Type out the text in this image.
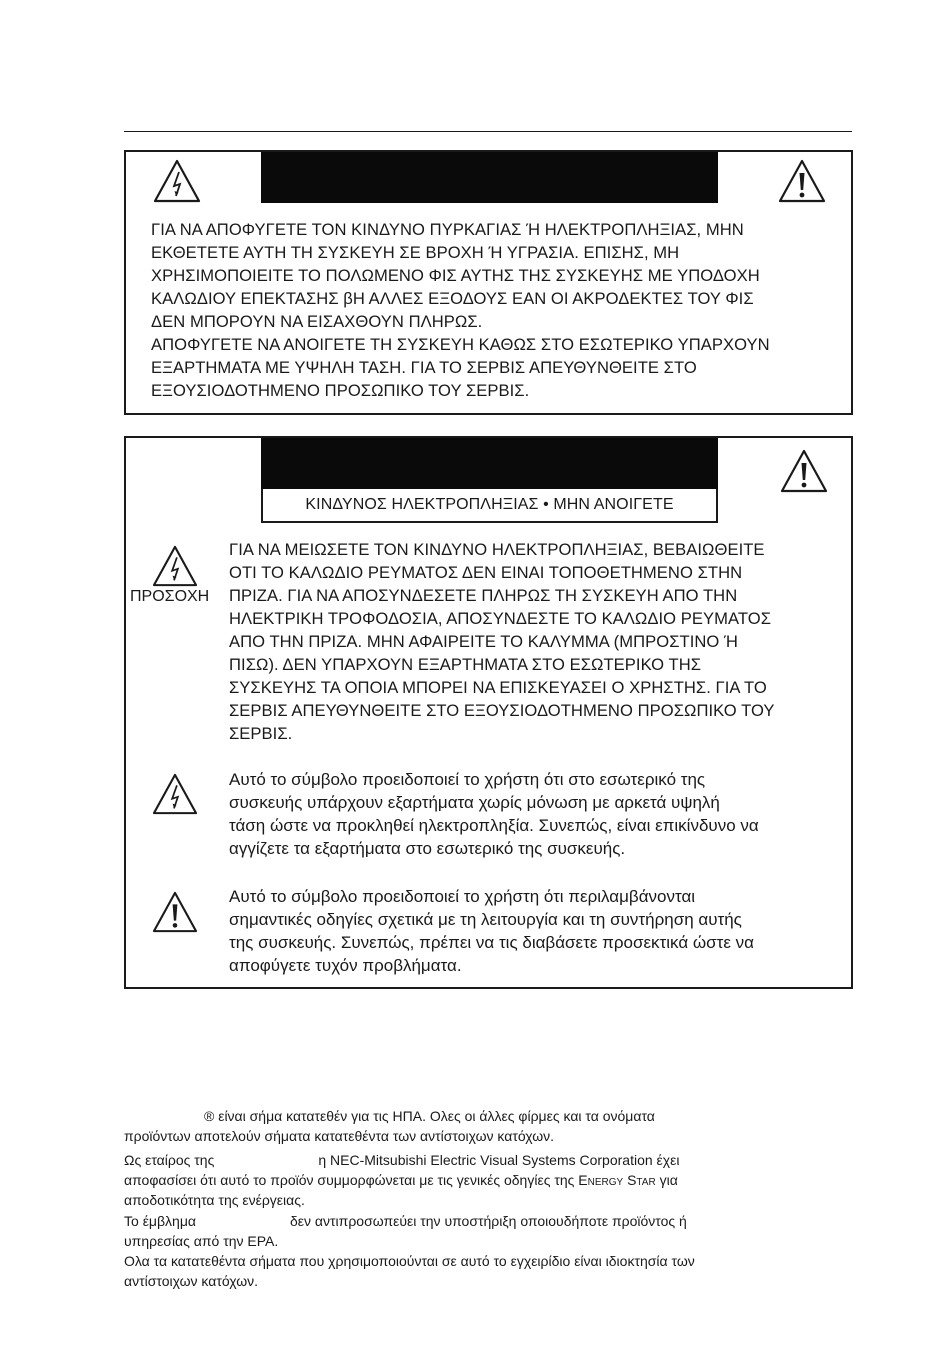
ΓΙΑ ΝΑ ΑΠΟΦΥΓΕΤΕ ΤΟΝ ΚΙΝΔΥΝΟ ΠΥΡΚΑΓΙΑΣ Ή ΗΛΕΚΤΡΟΠΛΗΞΙΑΣ, ΜΗΝ
ΕΚΘΕΤΕΤΕ ΑΥΤΗ ΤΗ ΣΥΣΚΕΥΗ ΣΕ ΒΡΟΧΗ Ή ΥΓΡΑΣΙΑ. ΕΠΙΣΗΣ, ΜΗ
ΧΡΗΣΙΜΟΠΟΙΕΙΤΕ ΤΟ ΠΟΛΩΜΕΝΟ ΦΙΣ ΑΥΤΗΣ ΤΗΣ ΣΥΣΚΕΥΗΣ ΜΕ ΥΠΟΔΟΧΗ
ΚΑΛΩΔΙΟΥ ΕΠΕΚΤΑΣΗΣ βΗ ΑΛΛΕΣ ΕΞΟΔΟΥΣ ΕΑΝ ΟΙ ΑΚΡΟΔΕΚΤΕΣ ΤΟΥ ΦΙΣ
ΔΕΝ ΜΠΟΡΟΥΝ ΝΑ ΕΙΣΑΧΘΟΥΝ ΠΛΗΡΩΣ.

ΑΠΟΦΥΓΕΤΕ ΝΑ ΑΝΟΙΓΕΤΕ ΤΗ ΣΥΣΚΕΥΗ ΚΑΘΩΣ ΣΤΟ ΕΣΩΤΕΡΙΚΟ ΥΠΑΡΧΟΥΝ
ΕΞΑΡΤΗΜΑΤΑ ΜΕ ΥΨΗΛΗ ΤΑΣΗ. ΓΙΑ ΤΟ ΣΕΡΒΙΣ ΑΠΕΥΘΥΝΘΕΙΤΕ ΣΤΟ
ΕΞΟΥΣΙΟΔΟΤΗΜΕΝΟ ΠΡΟΣΩΠΙΚΟ ΤΟΥ ΣΕΡΒΙΣ.

ΚΙΝΔΥΝΟΣ ΗΛΕΚΤΡΟΠΛΗΞΙΑΣ • ΜΗΝ ΑΝΟΙΓΕΤΕ
ΠΡΟΣΟΧΗ

ΓΙΑ ΝΑ ΜΕΙΩΣΕΤΕ ΤΟΝ ΚΙΝΔΥΝΟ ΗΛΕΚΤΡΟΠΛΗΞΙΑΣ, ΒΕΒΑΙΩΘΕΙΤΕ
ΟΤΙ ΤΟ ΚΑΛΩΔΙΟ ΡΕΥΜΑΤΟΣ ΔΕΝ ΕΙΝΑΙ ΤΟΠΟΘΕΤΗΜΕΝΟ ΣΤΗΝ
ΠΡΙΖΑ. ΓΙΑ ΝΑ ΑΠΟΣΥΝΔΕΣΕΤΕ ΠΛΗΡΩΣ ΤΗ ΣΥΣΚΕΥΗ ΑΠΟ ΤΗΝ
ΗΛΕΚΤΡΙΚΗ ΤΡΟΦΟΔΟΣΙΑ, ΑΠΟΣΥΝΔΕΣΤΕ ΤΟ ΚΑΛΩΔΙΟ ΡΕΥΜΑΤΟΣ
ΑΠΟ ΤΗΝ ΠΡΙΖΑ. ΜΗΝ ΑΦΑΙΡΕΙΤΕ ΤΟ ΚΑΛΥΜΜΑ (ΜΠΡΟΣΤΙΝΟ Ή
ΠΙΣΩ). ΔΕΝ ΥΠΑΡΧΟΥΝ ΕΞΑΡΤΗΜΑΤΑ ΣΤΟ ΕΣΩΤΕΡΙΚΟ ΤΗΣ
ΣΥΣΚΕΥΗΣ ΤΑ ΟΠΟΙΑ ΜΠΟΡΕΙ ΝΑ ΕΠΙΣΚΕΥΑΣΕΙ Ο ΧΡΗΣΤΗΣ. ΓΙΑ ΤΟ
ΣΕΡΒΙΣ ΑΠΕΥΘΥΝΘΕΙΤΕ ΣΤΟ ΕΞΟΥΣΙΟΔΟΤΗΜΕΝΟ ΠΡΟΣΩΠΙΚΟ ΤΟΥ
ΣΕΡΒΙΣ.

Αυτό το σύμβολο προειδοποιεί το χρήστη ότι στο εσωτερικό της
συσκευής υπάρχουν εξαρτήματα χωρίς μόνωση με αρκετά υψηλή
τάση ώστε να προκληθεί ηλεκτροπληξία. Συνεπώς, είναι επικίνδυνο να
αγγίζετε τα εξαρτήματα στο εσωτερικό της συσκευής.

Αυτό το σύμβολο προειδοποιεί το χρήστη ότι περιλαμβάνονται
σημαντικές οδηγίες σχετικά με τη λειτουργία και τη συντήρηση αυτής
της συσκευής. Συνεπώς, πρέπει να τις διαβάσετε προσεκτικά ώστε να
αποφύγετε τυχόν προβλήματα.

® είναι σήμα κατατεθέν για τις ΗΠΑ. Ολες οι άλλες φίρμες και τα ονόματα
προϊόντων αποτελούν σήματα κατατεθέντα των αντίστοιχων κατόχων.

Ως εταίρος της	η NEC-Mitsubishi Electric Visual Systems Corporation έχει
αποφασίσει ότι αυτό το προϊόν συμμορφώνεται με τις γενικές οδηγίες της Energy Star για
αποδοτικότητα της ενέργειας.

Το έμβλημα	δεν αντιπροσωπεύει την υποστήριξη οποιουδήποτε προϊόντος ή
υπηρεσίας από την EPA.

Ολα τα κατατεθέντα σήματα που χρησιμοποιούνται σε αυτό το εγχειρίδιο είναι ιδιοκτησία των
αντίστοιχων κατόχων.
